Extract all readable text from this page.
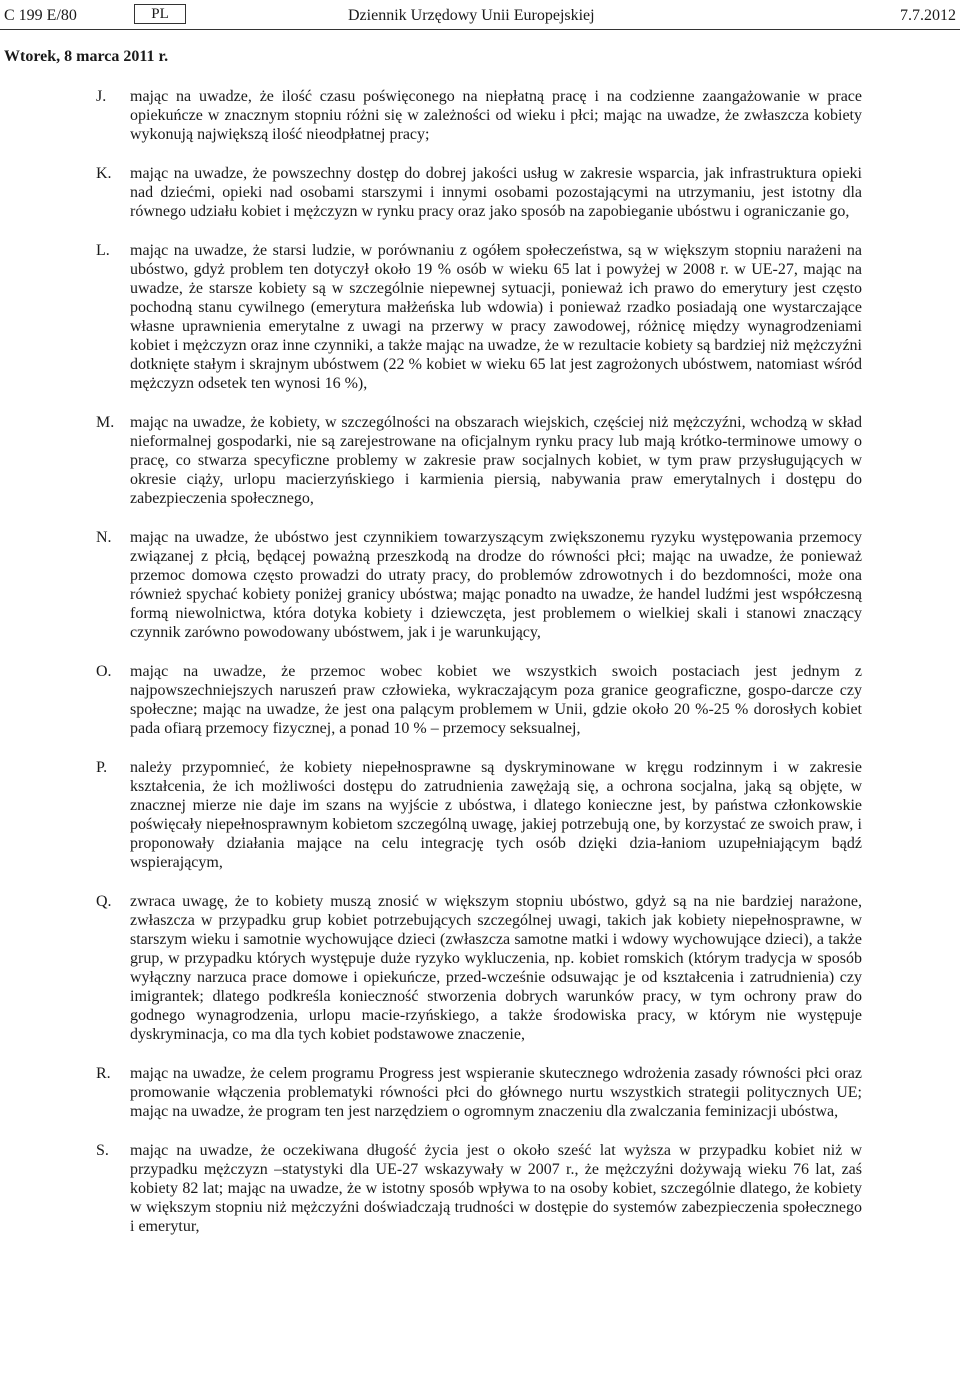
C 199 E/80	PL	Dziennik Urzędowy Unii Europejskiej	7.7.2012
Wtorek, 8 marca 2011 r.
J. mając na uwadze, że ilość czasu poświęconego na niepłatną pracę i na codzienne zaangażowanie w prace opiekuńcze w znacznym stopniu różni się w zależności od wieku i płci; mając na uwadze, że zwłaszcza kobiety wykonują największą ilość nieodpłatnej pracy;
K. mając na uwadze, że powszechny dostęp do dobrej jakości usług w zakresie wsparcia, jak infrastruktura opieki nad dziećmi, opieki nad osobami starszymi i innymi osobami pozostającymi na utrzymaniu, jest istotny dla równego udziału kobiet i mężczyzn w rynku pracy oraz jako sposób na zapobieganie ubóstwu i ograniczanie go,
L. mając na uwadze, że starsi ludzie, w porównaniu z ogółem społeczeństwa, są w większym stopniu narażeni na ubóstwo, gdyż problem ten dotyczył około 19 % osób w wieku 65 lat i powyżej w 2008 r. w UE-27, mając na uwadze, że starsze kobiety są w szczególnie niepewnej sytuacji, ponieważ ich prawo do emerytury jest często pochodną stanu cywilnego (emerytura małżeńska lub wdowia) i ponieważ rzadko posiadają one wystarczające własne uprawnienia emerytalne z uwagi na przerwy w pracy zawodowej, różnicę między wynagrodzeniami kobiet i mężczyzn oraz inne czynniki, a także mając na uwadze, że w rezultacie kobiety są bardziej niż mężczyźni dotknięte stałym i skrajnym ubóstwem (22 % kobiet w wieku 65 lat jest zagrożonych ubóstwem, natomiast wśród mężczyzn odsetek ten wynosi 16 %),
M. mając na uwadze, że kobiety, w szczególności na obszarach wiejskich, częściej niż mężczyźni, wchodzą w skład nieformalnej gospodarki, nie są zarejestrowane na oficjalnym rynku pracy lub mają krótko-terminowe umowy o pracę, co stwarza specyficzne problemy w zakresie praw socjalnych kobiet, w tym praw przysługujących w okresie ciąży, urlopu macierzyńskiego i karmienia piersią, nabywania praw emerytalnych i dostępu do zabezpieczenia społecznego,
N. mając na uwadze, że ubóstwo jest czynnikiem towarzyszącym zwiększonemu ryzyku występowania przemocy związanej z płcią, będącej poważną przeszkodą na drodze do równości płci; mając na uwadze, że ponieważ przemoc domowa często prowadzi do utraty pracy, do problemów zdrowotnych i do bezdomności, może ona również spychać kobiety poniżej granicy ubóstwa; mając ponadto na uwadze, że handel ludźmi jest współczesną formą niewolnictwa, która dotyka kobiety i dziewczęta, jest problemem o wielkiej skali i stanowi znaczący czynnik zarówno powodowany ubóstwem, jak i je warunkujący,
O. mając na uwadze, że przemoc wobec kobiet we wszystkich swoich postaciach jest jednym z najpowszechniejszych naruszeń praw człowieka, wykraczającym poza granice geograficzne, gospo-darcze czy społeczne; mając na uwadze, że jest ona palącym problemem w Unii, gdzie około 20 %-25 % dorosłych kobiet pada ofiarą przemocy fizycznej, a ponad 10 % – przemocy seksualnej,
P. należy przypomnieć, że kobiety niepełnosprawne są dyskryminowane w kręgu rodzinnym i w zakresie kształcenia, że ich możliwości dostępu do zatrudnienia zawężają się, a ochrona socjalna, jaką są objęte, w znacznej mierze nie daje im szans na wyjście z ubóstwa, i dlatego konieczne jest, by państwa członkowskie poświęcały niepełnosprawnym kobietom szczególną uwagę, jakiej potrzebują one, by korzystać ze swoich praw, i proponowały działania mające na celu integrację tych osób dzięki dzia-łaniom uzupełniającym bądź wspierającym,
Q. zwraca uwagę, że to kobiety muszą znosić w większym stopniu ubóstwo, gdyż są na nie bardziej narażone, zwłaszcza w przypadku grup kobiet potrzebujących szczególnej uwagi, takich jak kobiety niepełnosprawne, w starszym wieku i samotnie wychowujące dzieci (zwłaszcza samotne matki i wdowy wychowujące dzieci), a także grup, w przypadku których występuje duże ryzyko wykluczenia, np. kobiet romskich (którym tradycja w sposób wyłączny narzuca prace domowe i opiekuńcze, przed-wcześnie odsuwając je od kształcenia i zatrudnienia) czy imigrantek; dlatego podkreśla konieczność stworzenia dobrych warunków pracy, w tym ochrony praw do godnego wynagrodzenia, urlopu macie-rzyńskiego, a także środowiska pracy, w którym nie występuje dyskryminacja, co ma dla tych kobiet podstawowe znaczenie,
R. mając na uwadze, że celem programu Progress jest wspieranie skutecznego wdrożenia zasady równości płci oraz promowanie włączenia problematyki równości płci do głównego nurtu wszystkich strategii politycznych UE; mając na uwadze, że program ten jest narzędziem o ogromnym znaczeniu dla zwalczania feminizacji ubóstwa,
S. mając na uwadze, że oczekiwana długość życia jest o około sześć lat wyższa w przypadku kobiet niż w przypadku mężczyzn –statystyki dla UE-27 wskazywały w 2007 r., że mężczyźni dożywają wieku 76 lat, zaś kobiety 82 lat; mając na uwadze, że w istotny sposób wpływa to na osoby kobiet, szczególnie dlatego, że kobiety w większym stopniu niż mężczyźni doświadczają trudności w dostępie do systemów zabezpieczenia społecznego i emerytur,
